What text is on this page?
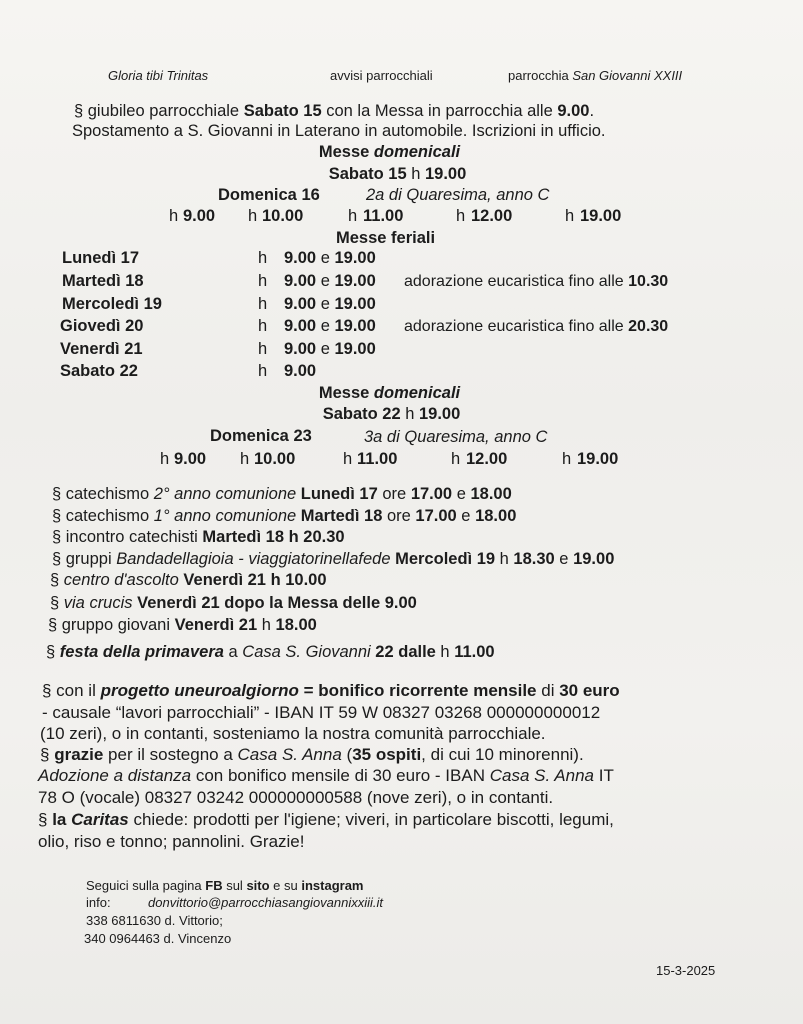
Gloria tibi Trinitas	avvisi parrocchiali	parrocchia San Giovanni XXIII
§ giubileo parrocchiale Sabato 15 con la Messa in parrocchia alle 9.00.
Spostamento a S. Giovanni in Laterano in automobile. Iscrizioni in ufficio.
Messe domenicali
Sabato 15 h 19.00
Domenica 16	2a di Quaresima, anno C
h 9.00 h 10.00	h 11.00	h 12.00	h 19.00
Messe feriali
Lunedì 17	h 9.00 e 19.00
Martedì 18	h 9.00 e 19.00 adorazione eucaristica fino alle 10.30
Mercoledì 19	h 9.00 e 19.00
Giovedì 20	h 9.00 e 19.00 adorazione eucaristica fino alle 20.30
Venerdì 21	h 9.00 e 19.00
Sabato 22	h 9.00
Messe domenicali
Sabato 22 h 19.00
Domenica 23	3a di Quaresima, anno C
h 9.00 h 10.00	h 11.00	h 12.00	h 19.00
§ catechismo 2° anno comunione Lunedì 17 ore 17.00 e 18.00
§ catechismo 1° anno comunione Martedì 18 ore 17.00 e 18.00
§ incontro catechisti Martedì 18 h 20.30
§ gruppi Bandadellagioia - viaggiatorinellafede Mercoledì 19 h 18.30 e 19.00
§ centro d'ascolto Venerdì 21 h 10.00
§ via crucis Venerdì 21 dopo la Messa delle 9.00
§ gruppo giovani Venerdì 21 h 18.00
§ festa della primavera a Casa S. Giovanni 22 dalle h 11.00
§ con il progetto uneuroalgiorno = bonifico ricorrente mensile di 30 euro
- causale “lavori parrocchiali” - IBAN IT 59 W 08327 03268 000000000012
(10 zeri), o in contanti, sosteniamo la nostra comunità parrocchiale.
§ grazie per il sostegno a Casa S. Anna (35 ospiti, di cui 10 minorenni).
Adozione a distanza con bonifico mensile di 30 euro - IBAN Casa S. Anna IT
78 O (vocale) 08327 03242 000000000588 (nove zeri), o in contanti.
§ la Caritas chiede: prodotti per l'igiene; viveri, in particolare biscotti, legumi,
olio, riso e tonno; pannolini. Grazie!
Seguici sulla pagina FB sul sito e su instagram
info:	donvittorio@parrocchiasangiovannixxiii.it
338 6811630 d. Vittorio;
340 0964463 d. Vincenzo
15-3-2025
